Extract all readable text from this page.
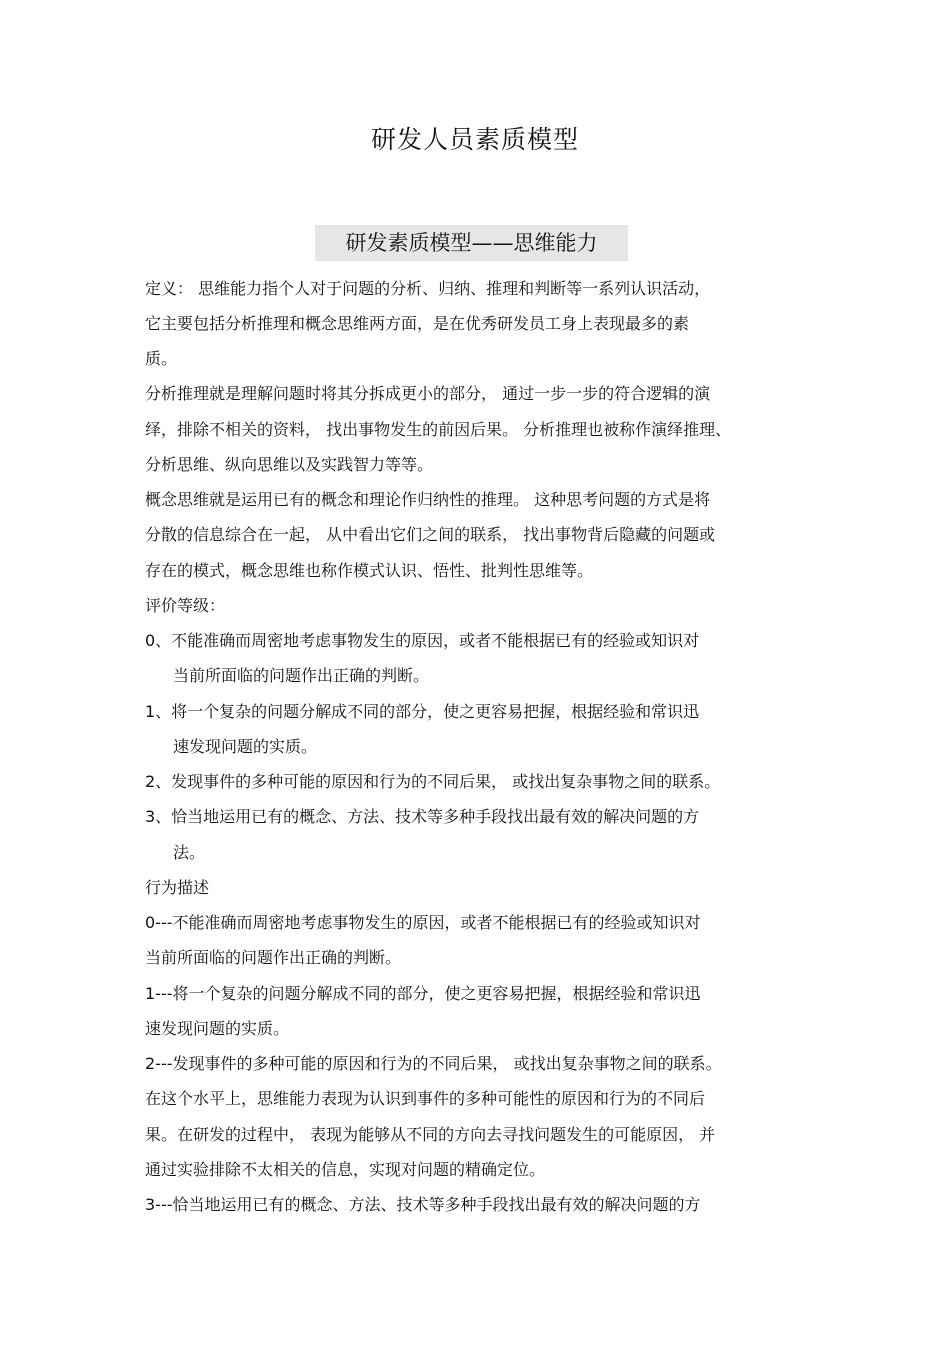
研发人员素质模型
研发素质模型——思维能力
定义： 思维能力指个人对于问题的分析、归纳、推理和判断等一系列认识活动，
它主要包括分析推理和概念思维两方面，是在优秀研发员工身上表现最多的素
质。
分析推理就是理解问题时将其分拆成更小的部分， 通过一步一步的符合逻辑的演
绎，排除不相关的资料， 找出事物发生的前因后果。 分析推理也被称作演绎推理、
分析思维、纵向思维以及实践智力等等。
概念思维就是运用已有的概念和理论作归纳性的推理。 这种思考问题的方式是将
分散的信息综合在一起， 从中看出它们之间的联系， 找出事物背后隐藏的问题或
存在的模式，概念思维也称作模式认识、悟性、批判性思维等。
评价等级：
0、不能准确而周密地考虑事物发生的原因，或者不能根据已有的经验或知识对
当前所面临的问题作出正确的判断。
1、将一个复杂的问题分解成不同的部分，使之更容易把握，根据经验和常识迅
速发现问题的实质。
2、发现事件的多种可能的原因和行为的不同后果， 或找出复杂事物之间的联系。
3、恰当地运用已有的概念、方法、技术等多种手段找出最有效的解决问题的方
法。
行为描述
0---不能准确而周密地考虑事物发生的原因，或者不能根据已有的经验或知识对
当前所面临的问题作出正确的判断。
1---将一个复杂的问题分解成不同的部分，使之更容易把握，根据经验和常识迅
速发现问题的实质。
2---发现事件的多种可能的原因和行为的不同后果， 或找出复杂事物之间的联系。
在这个水平上，思维能力表现为认识到事件的多种可能性的原因和行为的不同后
果。在研发的过程中， 表现为能够从不同的方向去寻找问题发生的可能原因， 并
通过实验排除不太相关的信息，实现对问题的精确定位。
3---恰当地运用已有的概念、方法、技术等多种手段找出最有效的解决问题的方
